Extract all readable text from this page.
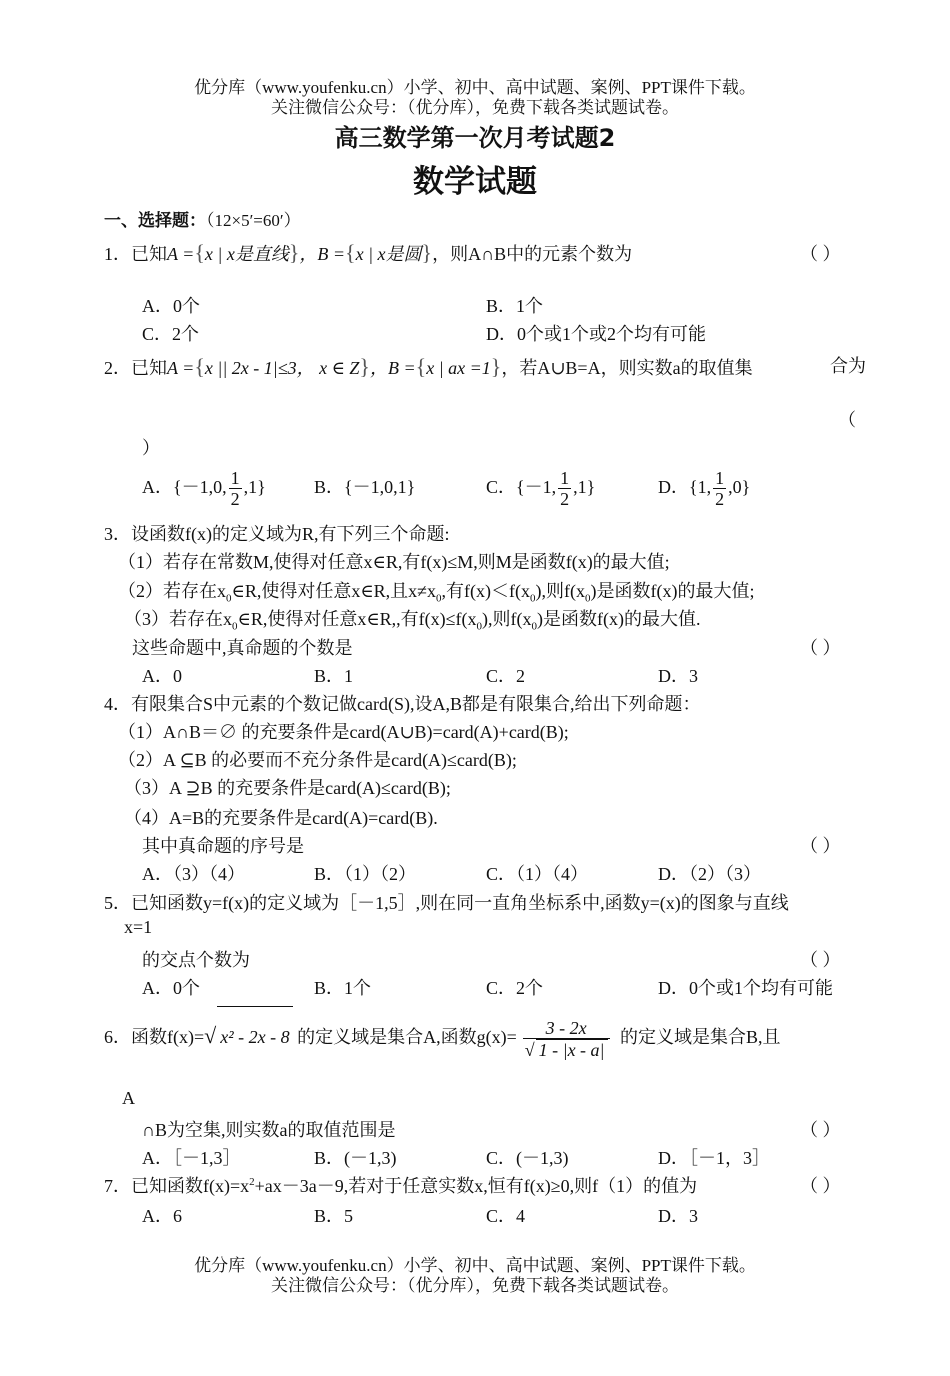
优分库（www.youfenku.cn）小学、初中、高中试题、案例、PPT课件下载。
关注微信公众号：（优分库），免费下载各类试题试卷。
高三数学第一次月考试题2
数学试题
一、选择题：（12×5′=60′）
1．已知A ={x | x是直线}，B ={x | x是圆}，则A∩B中的元素个数为	（ ）
A．0个	B．1个
C．2个	D．0个或1个或2个均有可能
2．已知A ={x || 2x - 1|≤3， x ∈ Z}，B ={x | ax =1}，若A∪B=A，则实数a的取值集	合为
（
）
A．{－1,0, $\frac{1}{2} ,1$}	B．{－1,0,1}	C．{－1, $\frac{1}{2} ,1$}	D．{1, $\frac{1}{2} ,0$}
3．设函数f(x)的定义域为R,有下列三个命题:
（1）若存在常数M,使得对任意x∈R,有f(x)≤M,则M是函数f(x)的最大值;
（2）若存在$x_0\in R$,使得对任意x∈R,且$x\ne x_0$,有$f(x)<f(x_0)$,则$f(x_0)$是函数f(x)的最大值;
（3）若存在$x_0\in R$,使得对任意x∈R,,有$f(x)\le f(x_0)$,则$f(x_0)$是函数f(x)的最大值.
这些命题中,真命题的个数是	（ ）
A．0	B．1	C．2	D．3
4．有限集合S中元素的个数记做card(S),设A,B都是有限集合,给出下列命题：
（1）A∩B＝∅ 的充要条件是card(A∪B)=card(A)+card(B);
（2）A ⊆B 的必要而不充分条件是card(A)≤card(B);
（3）A ⊇B 的充要条件是card(A)≤card(B);
（4）A=B的充要条件是card(A)=card(B).
其中真命题的序号是	（ ）
A．（3）（4）	B．（1）（2）	C．（1）（4）	D．（2）（3）
5．已知函数y=f(x)的定义域为［－1,5］,则在同一直角坐标系中,函数y=(x)的图象与直线
x=1
的交点个数为	（ ）
A．0个	B．1个	C．2个	D．0个或1个均有可能
6．函数f(x)=√ x² - 2x - 8 的定义域是集合A,函数$g(x)= \frac{3 - 2x}{√ 1 - |x - a|}$ 的定义域是集合B,且
A
∩B为空集,则实数a的取值范围是	（ ）
A．［－1,3］	B．(－1,3)	C．(－1,3)	D．［－1，3］
7．已知函数$f(x)=x^2+ax-3a-9$,若对于任意实数x,恒有f(x)≥0,则f（1）的值为	（ ）
A．6	B．5	C．4	D．3
优分库（www.youfenku.cn）小学、初中、高中试题、案例、PPT课件下载。
关注微信公众号：（优分库），免费下载各类试题试卷。
